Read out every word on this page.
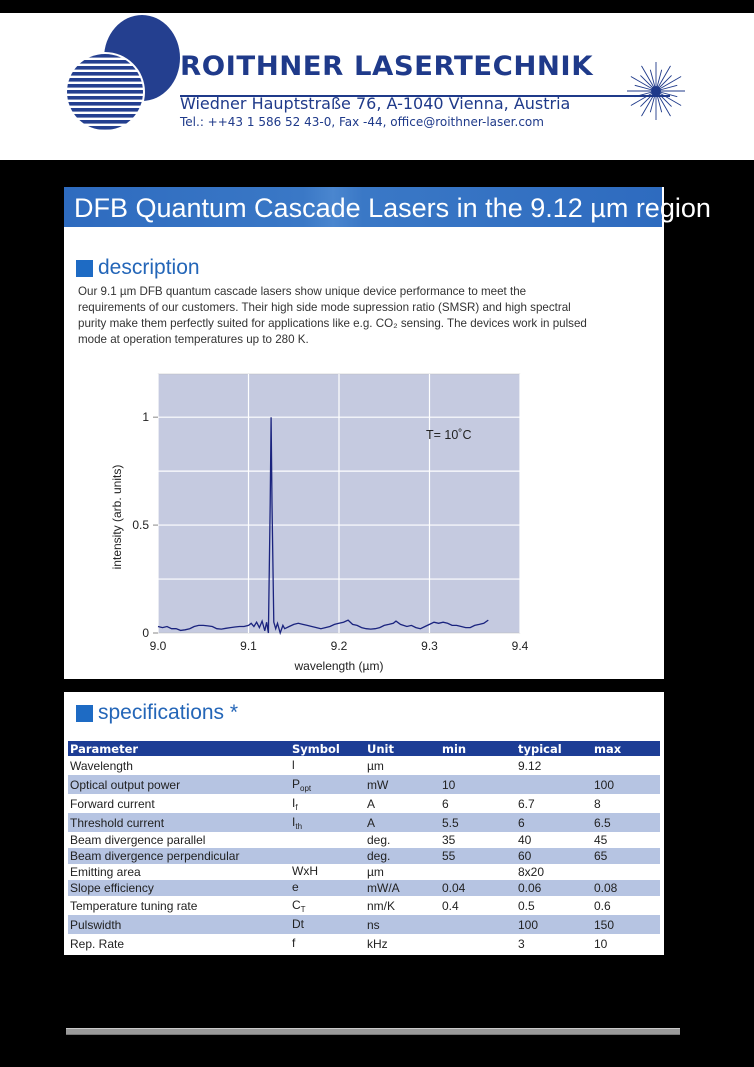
ROITHNER LASERTECHNIK
Wiedner Hauptstraße 76, A-1040 Vienna, Austria
Tel.: ++43 1 586 52 43-0, Fax -44, office@roithner-laser.com
DFB Quantum Cascade Lasers in the 9.12 µm region
description
Our 9.1 µm DFB quantum cascade lasers show unique device performance to meet the
requirements of our customers. Their high side mode supression ratio (SMSR) and high spectral
purity make them perfectly suited for applications like e.g. CO₂ sensing. The devices work in pulsed
mode at operation temperatures up to 280 K.
9.0	9.1	9.2	9.3	9.4
0
0.5
1
T= 10˚C
wavelength (µm)
intensity (arb. units)
specifications *
Parameter	Symbol	Unit	min	typical	max
Wavelength	l	µm		9.12	
Optical output power	$P_{opt}$	mW	10		100
Forward current	$I_f$	A	6	6.7	8
Threshold current	$I_{th}$	A	5.5	6	6.5
Beam divergence parallel		deg.	35	40	45
Beam divergence perpendicular		deg.	55	60	65
Emitting area	WxH	µm		8x20	
Slope efficiency	e	mW/A	0.04	0.06	0.08
Temperature tuning rate	$C_T$	nm/K	0.4	0.5	0.6
Pulswidth	Dt	ns		100	150
Rep. Rate	f	kHz		3	10
